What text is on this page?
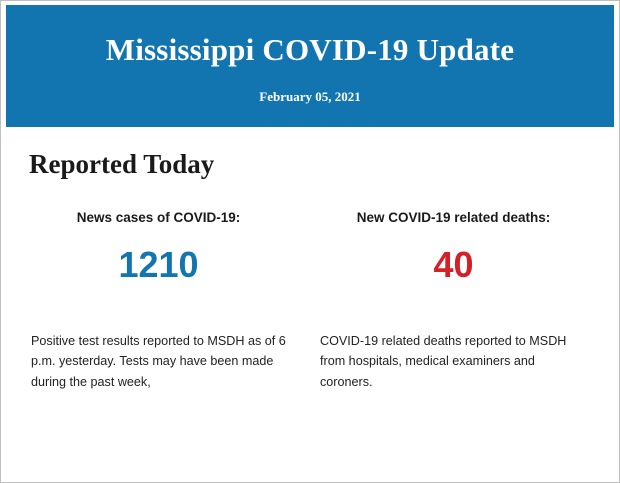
Mississippi COVID-19 Update
February 05, 2021
Reported Today
News cases of COVID-19:
1210
New COVID-19 related deaths:
40
Positive test results reported to MSDH as of 6 p.m. yesterday. Tests may have been made during the past week,
COVID-19 related deaths reported to MSDH from hospitals, medical examiners and coroners.
